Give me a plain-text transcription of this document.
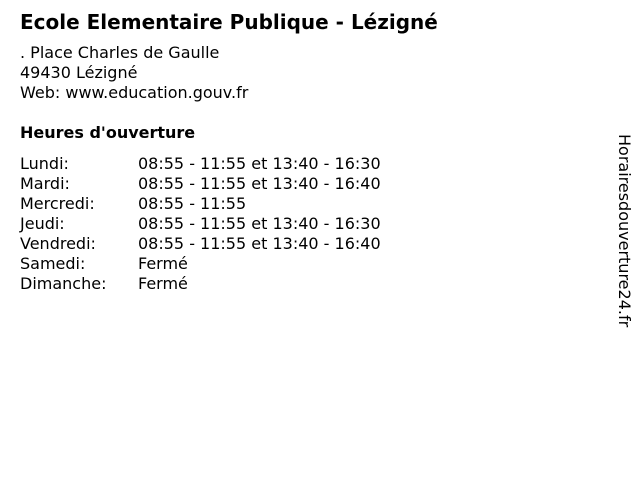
Ecole Elementaire Publique - Lézigné
. Place Charles de Gaulle
49430 Lézigné
Web: www.education.gouv.fr
Heures d'ouverture
Lundi:	08:55 - 11:55 et 13:40 - 16:30
Mardi:	08:55 - 11:55 et 13:40 - 16:40
Mercredi:	08:55 - 11:55
Jeudi:	08:55 - 11:55 et 13:40 - 16:30
Vendredi:	08:55 - 11:55 et 13:40 - 16:40
Samedi:	Fermé
Dimanche: Fermé	Horairesdouverture24.fr
